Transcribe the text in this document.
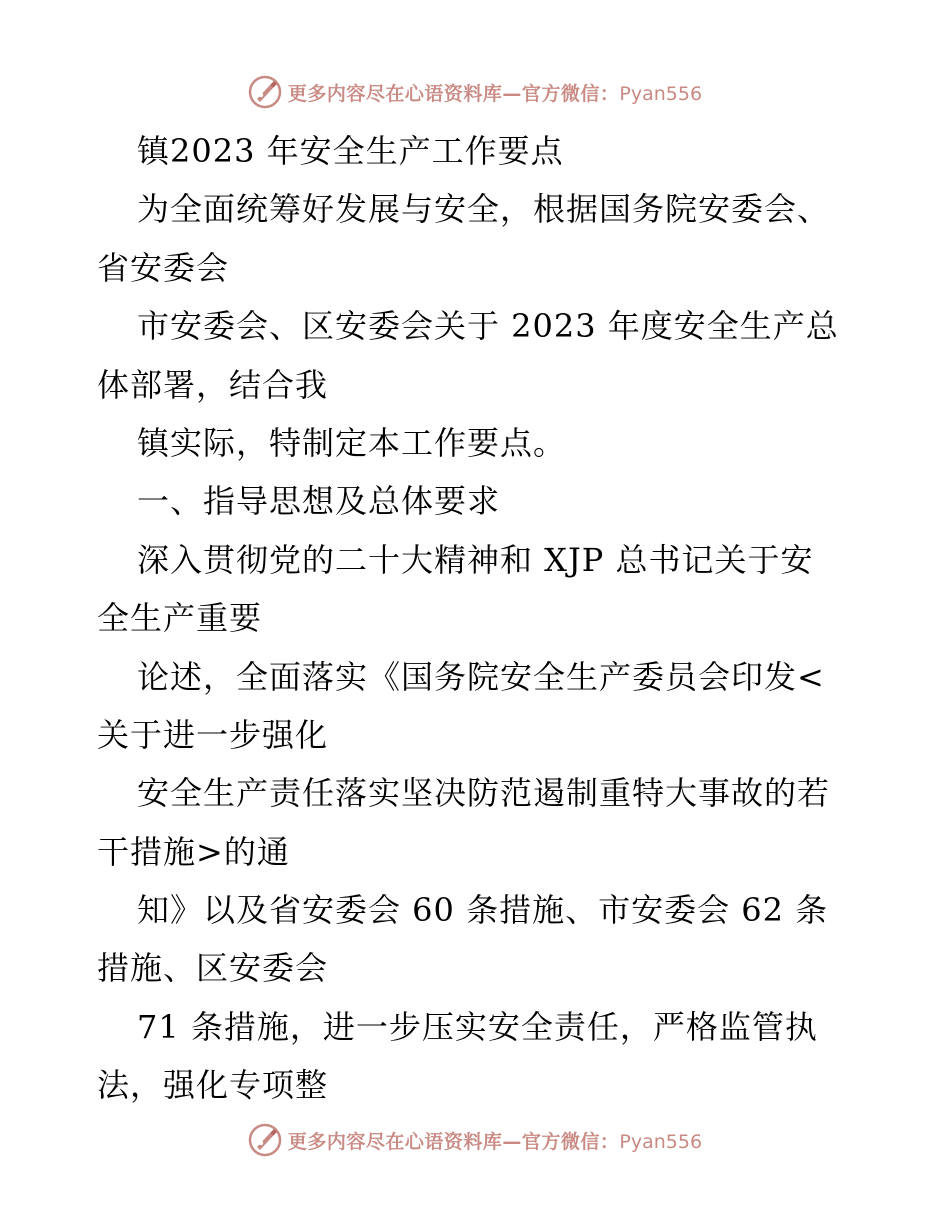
更多内容尽在心语资料库—官方微信：Pyan556
镇2023 年安全生产工作要点
为全面统筹好发展与安全，根据国务院安委会、
省安委会
市安委会、区安委会关于 2023 年度安全生产总
体部署，结合我
镇实际，特制定本工作要点。
一、指导思想及总体要求
深入贯彻党的二十大精神和 XJP 总书记关于安
全生产重要
论述，全面落实《国务院安全生产委员会印发<
关于进一步强化
安全生产责任落实坚决防范遏制重特大事故的若
干措施>的通
知》以及省安委会 60 条措施、市安委会 62 条
措施、区安委会
71 条措施，进一步压实安全责任，严格监管执
法，强化专项整
更多内容尽在心语资料库—官方微信：Pyan556
